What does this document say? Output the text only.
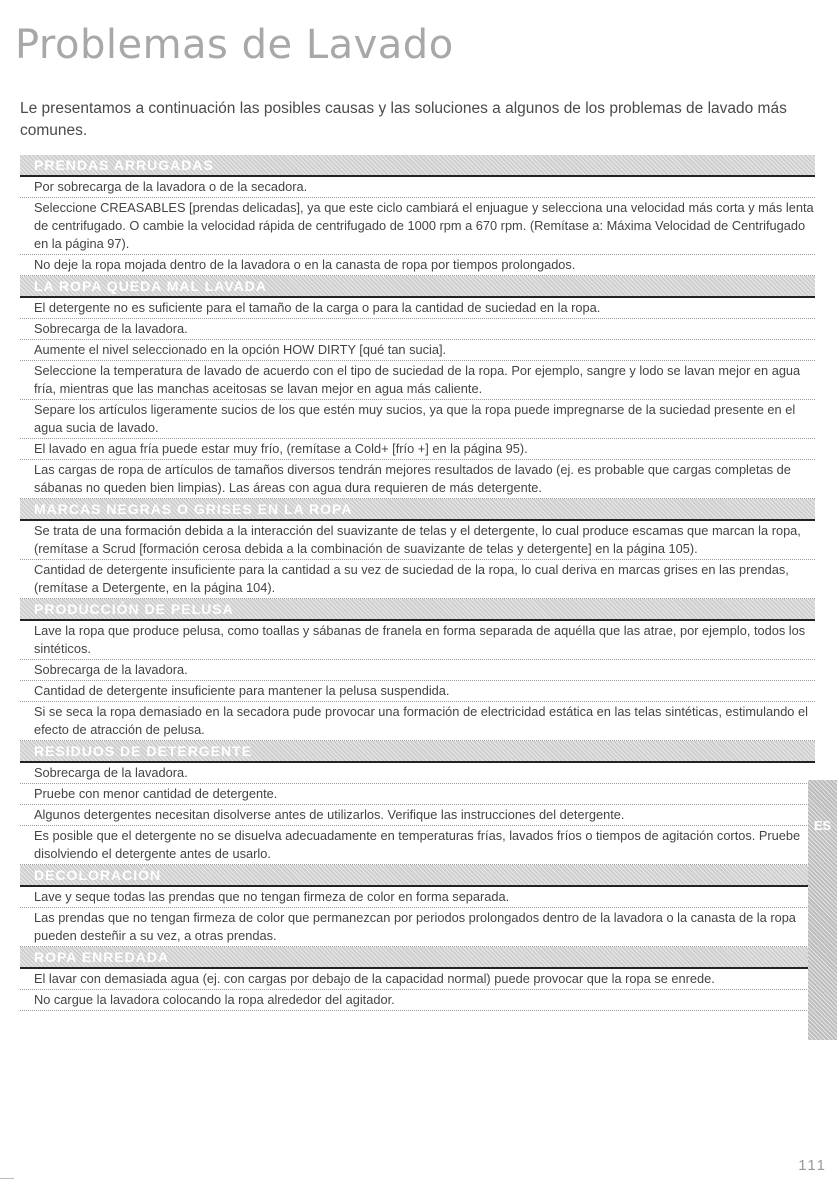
Problemas de Lavado

Le presentamos a continuación las posibles causas y las soluciones a algunos de los problemas de lavado más comunes.

PRENDAS ARRUGADAS
Por sobrecarga de la lavadora o de la secadora.
Seleccione CREASABLES [prendas delicadas], ya que este ciclo cambiará el enjuague y selecciona una velocidad más corta y más lenta de centrifugado. O cambie la velocidad rápida de centrifugado de 1000 rpm a 670 rpm. (Remítase a: Máxima Velocidad de Centrifugado en la página 97).
No deje la ropa mojada dentro de la lavadora o en la canasta de ropa por tiempos prolongados.
LA ROPA QUEDA MAL LAVADA
El detergente no es suficiente para el tamaño de la carga o para la cantidad de suciedad en la ropa.
Sobrecarga de la lavadora.
Aumente el nivel seleccionado en la opción HOW DIRTY [qué tan sucia].
Seleccione la temperatura de lavado de acuerdo con el tipo de suciedad de la ropa. Por ejemplo, sangre y lodo se lavan mejor en agua fría, mientras que las manchas aceitosas se lavan mejor en agua más caliente.
Separe los artículos ligeramente sucios de los que estén muy sucios, ya que la ropa puede impregnarse de la suciedad presente en el agua sucia de lavado.
El lavado en agua fría puede estar muy frío, (remítase a Cold+ [frío +] en la página 95).
Las cargas de ropa de artículos de tamaños diversos tendrán mejores resultados de lavado (ej. es probable que cargas completas de sábanas no queden bien limpias). Las áreas con agua dura requieren de más detergente.
MARCAS NEGRAS O GRISES EN LA ROPA
Se trata de una formación debida a la interacción del suavizante de telas y el detergente, lo cual produce escamas que marcan la ropa, (remítase a Scrud [formación cerosa debida a la combinación de suavizante de telas y detergente] en la página 105).
Cantidad de detergente insuficiente para la cantidad a su vez de suciedad de la ropa, lo cual deriva en marcas grises en las prendas, (remítase a Detergente, en la página 104).
PRODUCCIÓN DE PELUSA
Lave la ropa que produce pelusa, como toallas y sábanas de franela en forma separada de aquélla que las atrae, por ejemplo, todos los sintéticos.
Sobrecarga de la lavadora.
Cantidad de detergente insuficiente para mantener la pelusa suspendida.
Si se seca la ropa demasiado en la secadora pude provocar una formación de electricidad estática en las telas sintéticas, estimulando el efecto de atracción de pelusa.
RESIDUOS DE DETERGENTE
Sobrecarga de la lavadora.
Pruebe con menor cantidad de detergente.
Algunos detergentes necesitan disolverse antes de utilizarlos. Verifique las instrucciones del detergente.
Es posible que el detergente no se disuelva adecuadamente en temperaturas frías, lavados fríos o tiempos de agitación cortos. Pruebe disolviendo el detergente antes de usarlo.
DECOLORACIÓN
Lave y seque todas las prendas que no tengan firmeza de color en forma separada.
Las prendas que no tengan firmeza de color que permanezcan por periodos prolongados dentro de la lavadora o la canasta de la ropa pueden desteñir a su vez, a otras prendas.
ROPA ENREDADA
El lavar con demasiada agua (ej. con cargas por debajo de la capacidad normal) puede provocar que la ropa se enrede.
No cargue la lavadora colocando la ropa alrededor del agitador.
ES
111
